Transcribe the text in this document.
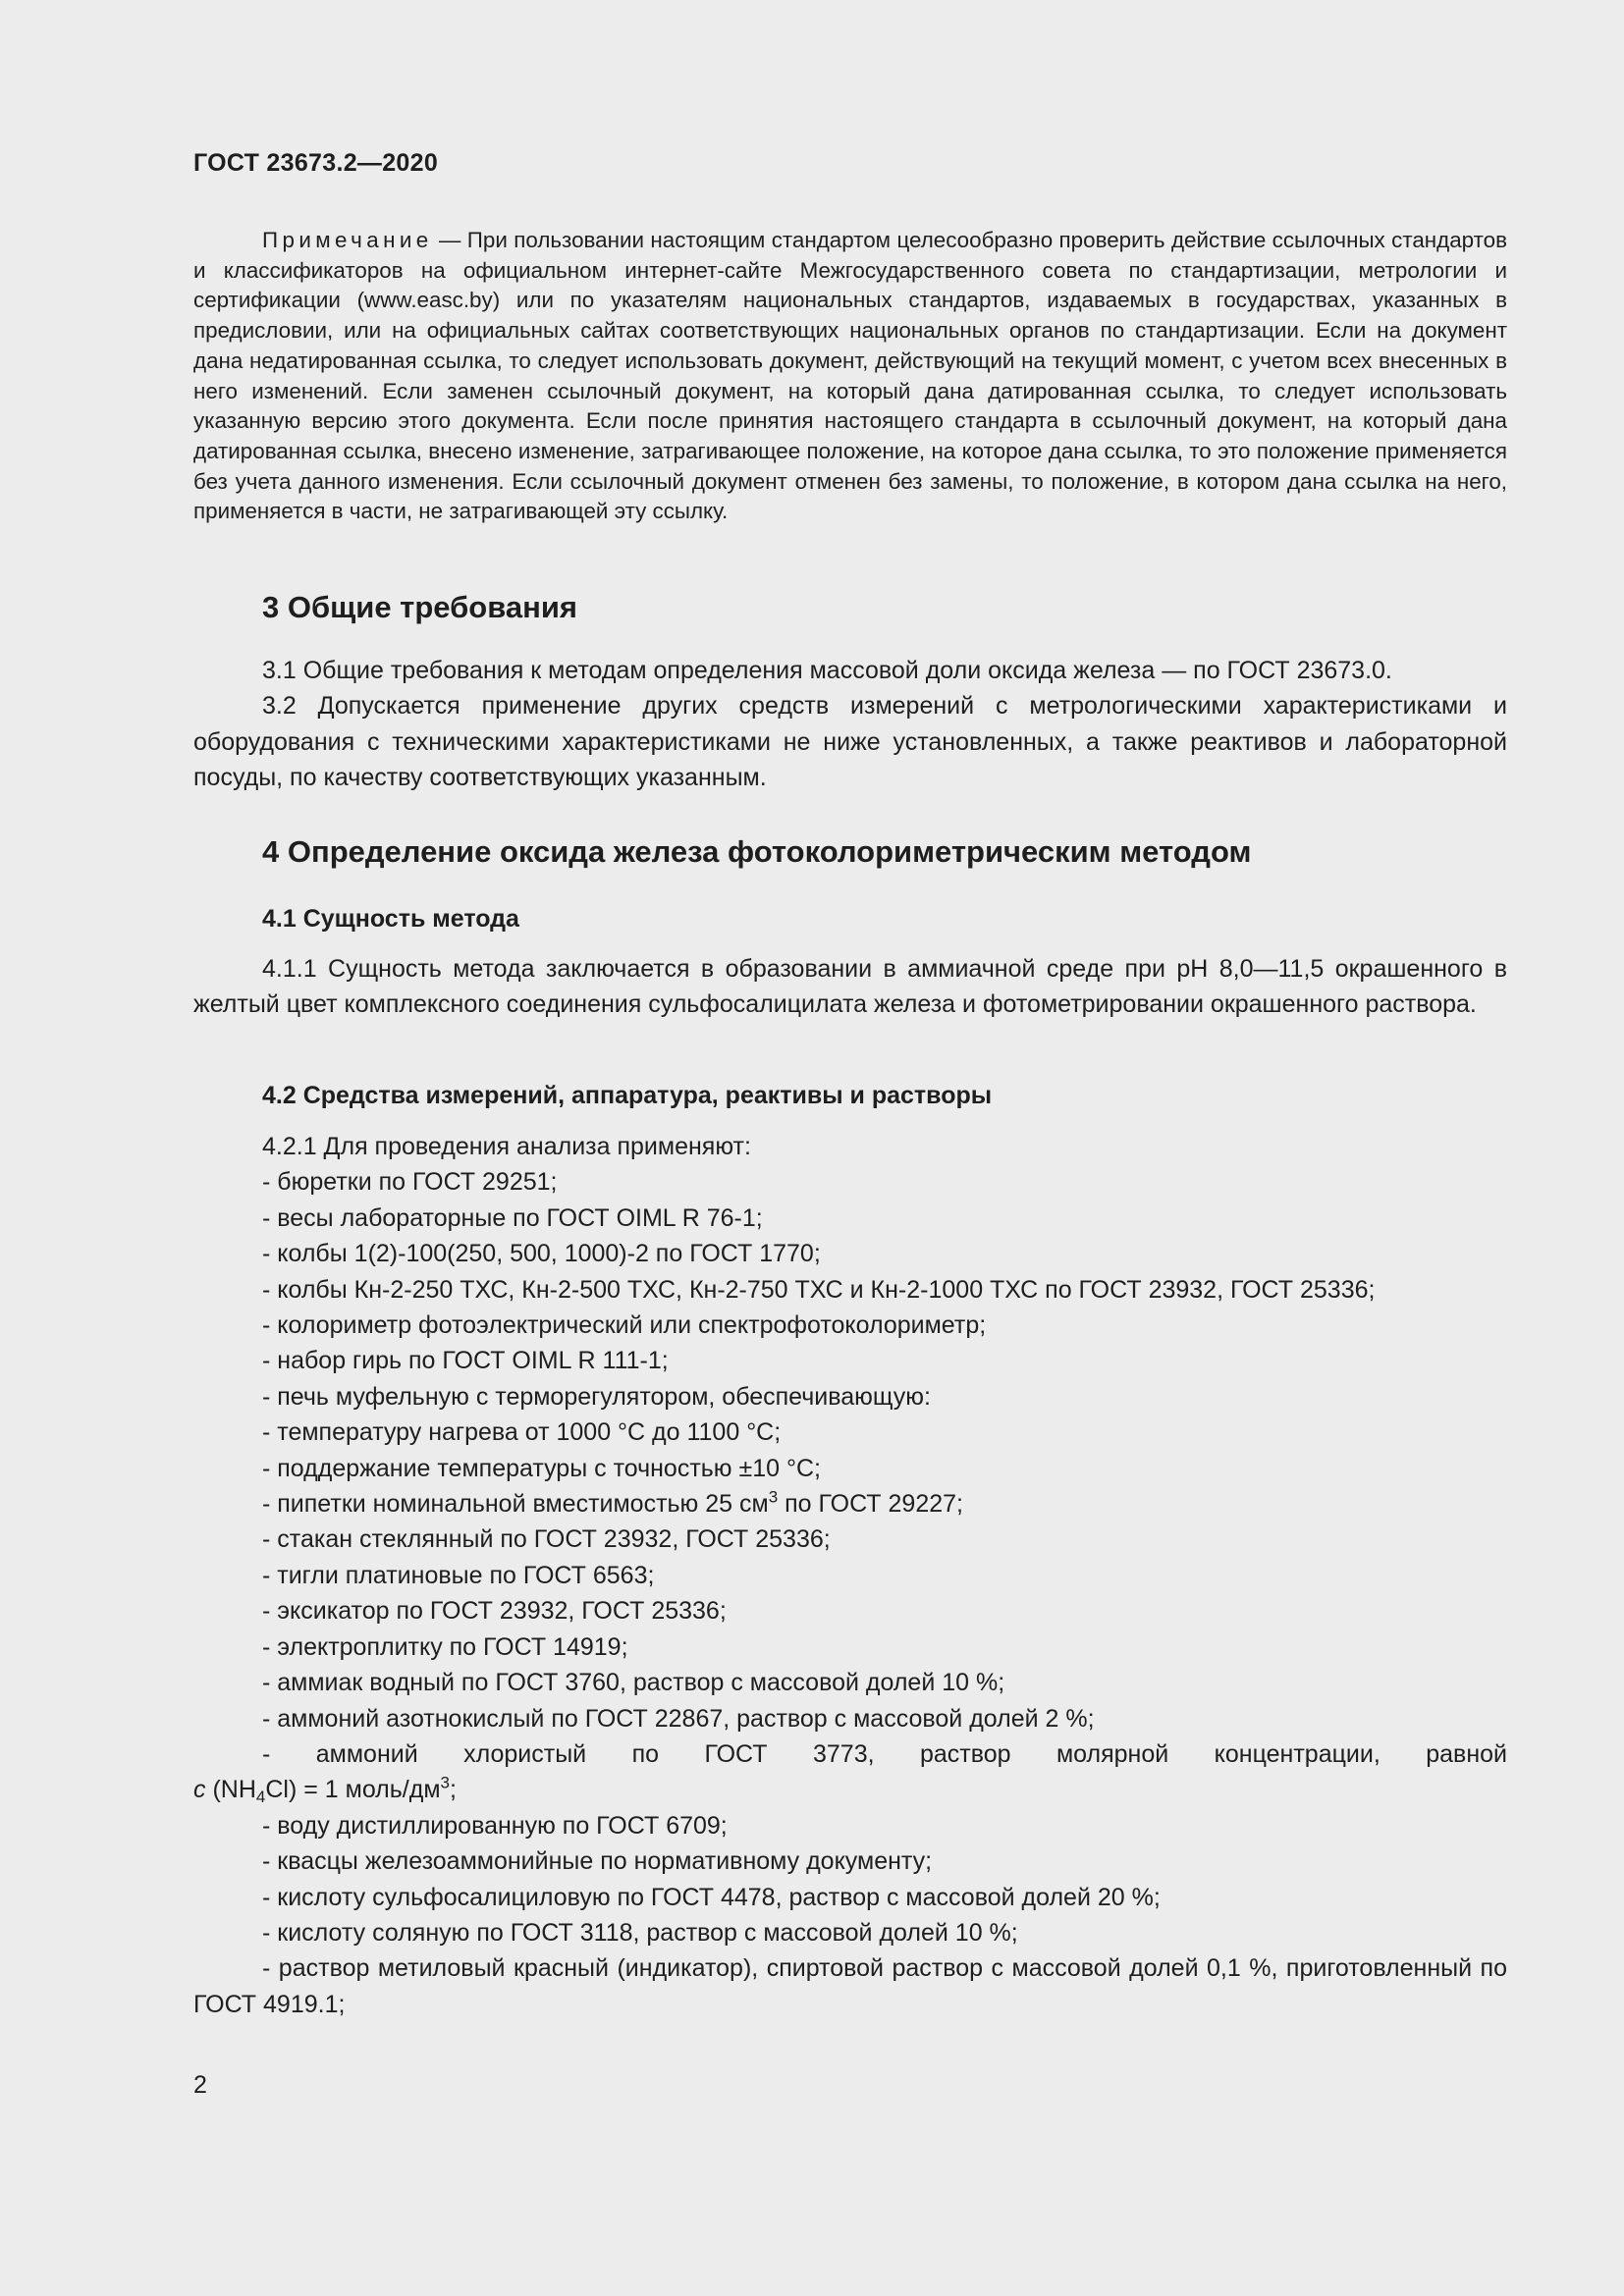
ГОСТ 23673.2—2020

Примечание — При пользовании настоящим стандартом целесообразно проверить действие ссылочных стандартов и классификаторов на официальном интернет-сайте Межгосударственного совета по стандартизации, метрологии и сертификации (www.easc.by) или по указателям национальных стандартов, издаваемых в государствах, указанных в предисловии, или на официальных сайтах соответствующих национальных органов по стандартизации. Если на документ дана недатированная ссылка, то следует использовать документ, действующий на текущий момент, с учетом всех внесенных в него изменений. Если заменен ссылочный документ, на который дана датированная ссылка, то следует использовать указанную версию этого документа. Если после принятия настоящего стандарта в ссылочный документ, на который дана датированная ссылка, внесено изменение, затрагивающее положение, на которое дана ссылка, то это положение применяется без учета данного изменения. Если ссылочный документ отменен без замены, то положение, в котором дана ссылка на него, применяется в части, не затрагивающей эту ссылку.

3 Общие требования

3.1 Общие требования к методам определения массовой доли оксида железа — по ГОСТ 23673.0.

3.2 Допускается применение других средств измерений с метрологическими характеристиками и оборудования с техническими характеристиками не ниже установленных, а также реактивов и лабораторной посуды, по качеству соответствующих указанным.

4 Определение оксида железа фотоколориметрическим методом
4.1 Сущность метода

4.1.1 Сущность метода заключается в образовании в аммиачной среде при pH 8,0—11,5 окрашенного в желтый цвет комплексного соединения сульфосалицилата железа и фотометрировании окрашенного раствора.

4.2 Средства измерений, аппаратура, реактивы и растворы

4.2.1 Для проведения анализа применяют:

- бюретки по ГОСТ 29251;

- весы лабораторные по ГОСТ OIML R 76-1;

- колбы 1(2)-100(250, 500, 1000)-2 по ГОСТ 1770;

- колбы Кн-2-250 ТХС, Кн-2-500 ТХС, Кн-2-750 ТХС и Кн-2-1000 ТХС по ГОСТ 23932, ГОСТ 25336;

- колориметр фотоэлектрический или спектрофотоколориметр;

- набор гирь по ГОСТ OIML R 111-1;

- печь муфельную с терморегулятором, обеспечивающую:

- температуру нагрева от 1000 °С до 1100 °С;

- поддержание температуры с точностью ±10 °С;

- пипетки номинальной вместимостью 25 $см^3$ по ГОСТ 29227;

- стакан стеклянный по ГОСТ 23932, ГОСТ 25336;

- тигли платиновые по ГОСТ 6563;

- эксикатор по ГОСТ 23932, ГОСТ 25336;

- электроплитку по ГОСТ 14919;

- аммиак водный по ГОСТ 3760, раствор с массовой долей 10 %;

- аммоний азотнокислый по ГОСТ 22867, раствор с массовой долей 2 %;

- аммоний хлористый по ГОСТ 3773, раствор молярной концентрации, равной

c $(NH_4Cl) = 1$ моль/$дм^3$;

- воду дистиллированную по ГОСТ 6709;

- квасцы железоаммонийные по нормативному документу;

- кислоту сульфосалициловую по ГОСТ 4478, раствор с массовой долей 20 %;

- кислоту соляную по ГОСТ 3118, раствор с массовой долей 10 %;

- раствор метиловый красный (индикатор), спиртовой раствор с массовой долей 0,1 %, приготовленный по ГОСТ 4919.1;

2
